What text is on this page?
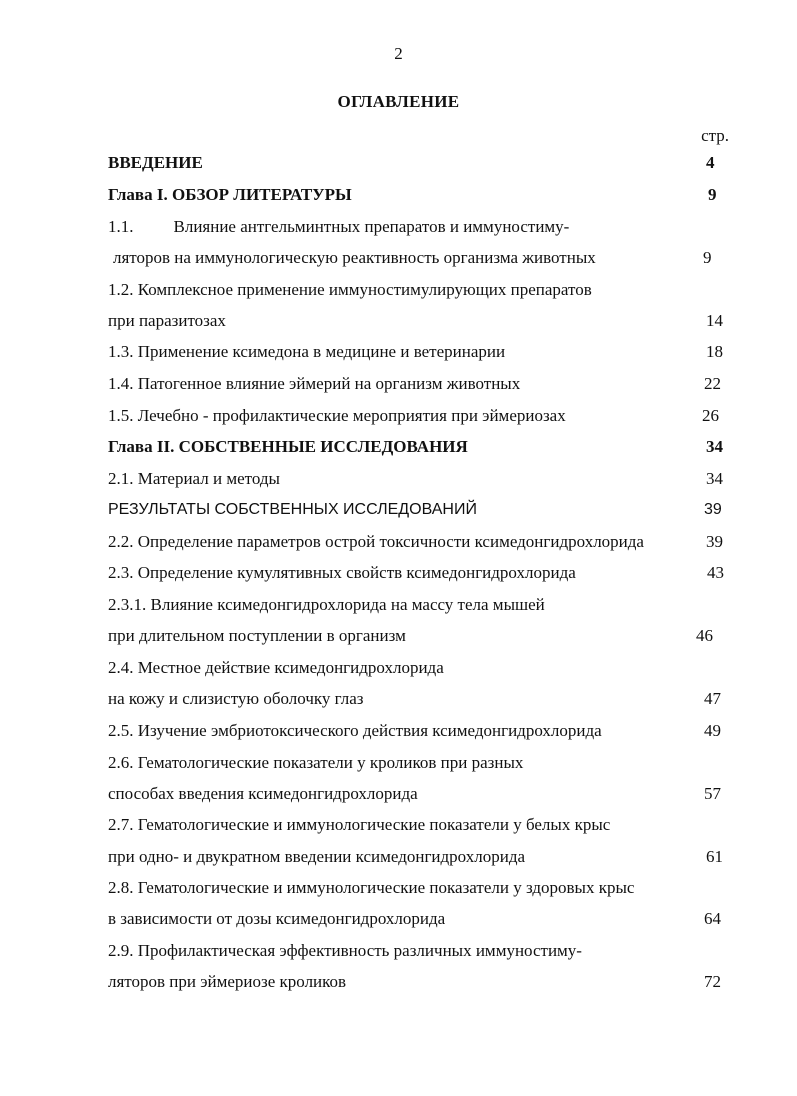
2
ОГЛАВЛЕНИЕ
стр.
ВВЕДЕНИЕ	4
Глава I. ОБЗОР ЛИТЕРАТУРЫ	9
1.1. Влияние антгельминтных препаратов и иммуностиму-
ляторов на иммунологическую реактивность организма животных	9
1.2. Комплексное применение иммуностимулирующих препаратов
при паразитозах	14
1.3. Применение ксимедона в медицине и ветеринарии	18
1.4. Патогенное влияние эймерий на организм животных	22
1.5. Лечебно - профилактические мероприятия при эймериозах	26
Глава II. СОБСТВЕННЫЕ ИССЛЕДОВАНИЯ	34
2.1. Материал и методы	34
РЕЗУЛЬТАТЫ СОБСТВЕННЫХ ИССЛЕДОВАНИЙ	39
2.2. Определение параметров острой токсичности ксимедонгидрохлорида	39
2.3. Определение кумулятивных свойств ксимедонгидрохлорида	43
2.3.1. Влияние ксимедонгидрохлорида на массу тела мышей
при длительном поступлении в организм	46
2.4. Местное действие ксимедонгидрохлорида
на кожу и слизистую оболочку глаз	47
2.5. Изучение эмбриотоксического действия ксимедонгидрохлорида	49
2.6. Гематологические показатели у кроликов при разных
способах введения ксимедонгидрохлорида	57
2.7. Гематологические и иммунологические показатели у белых крыс
при одно- и двукратном введении ксимедонгидрохлорида	61
2.8. Гематологические и иммунологические показатели у здоровых крыс
в зависимости от дозы ксимедонгидрохлорида	64
2.9. Профилактическая эффективность различных иммуностиму-
ляторов при эймериозе кроликов	72
